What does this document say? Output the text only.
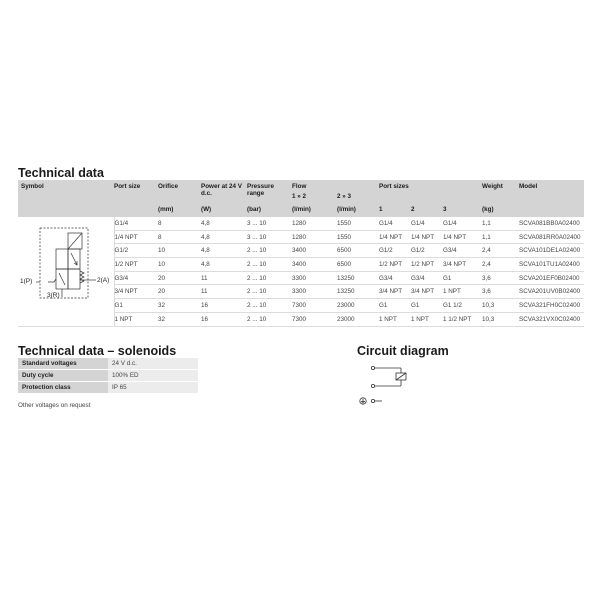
Technical data
Symbol	Port size	Orifice	Power at 24 V d.c.	Pressure range	Flow		Port sizes			Weight	Model
					1 » 2	2 » 3					
		(mm)	(W)	(bar)	(l/min)	(l/min)	1	2	3	(kg)	

1(P) 2(A)
3(R)	G1/4	8	4,8	3 ... 10	1280	1550	G1/4	G1/4	G1/4	1,1	SCVA081BB0A02400
	1/4 NPT	8	4,8	3 ... 10	1280	1550	1/4 NPT	1/4 NPT	1/4 NPT	1,1	SCVA081RR0A02400
	G1/2	10	4,8	2 ... 10	3400	6500	G1/2	G1/2	G3/4	2,4	SCVA101DE1A02400
	1/2 NPT	10	4,8	2 ... 10	3400	6500	1/2 NPT	1/2 NPT	3/4 NPT	2,4	SCVA101TU1A02400
	G3/4	20	11	2 ... 10	3300	13250	G3/4	G3/4	G1	3,6	SCVA201EF0B02400
	3/4 NPT	20	11	2 ... 10	3300	13250	3/4 NPT	3/4 NPT	1 NPT	3,6	SCVA201UV0B02400
	G1	32	16	2 ... 10	7300	23000	G1	G1	G1 1/2	10,3	SCVA321FH0C02400
	1 NPT	32	16	2 ... 10	7300	23000	1 NPT	1 NPT	1 1/2 NPT	10,3	SCVA321VX0C02400
Technical data – solenoids
Standard voltages	24 V d.c.
Duty cycle	100% ED
Protection class	IP 65
Other voltages on request
Circuit diagram
